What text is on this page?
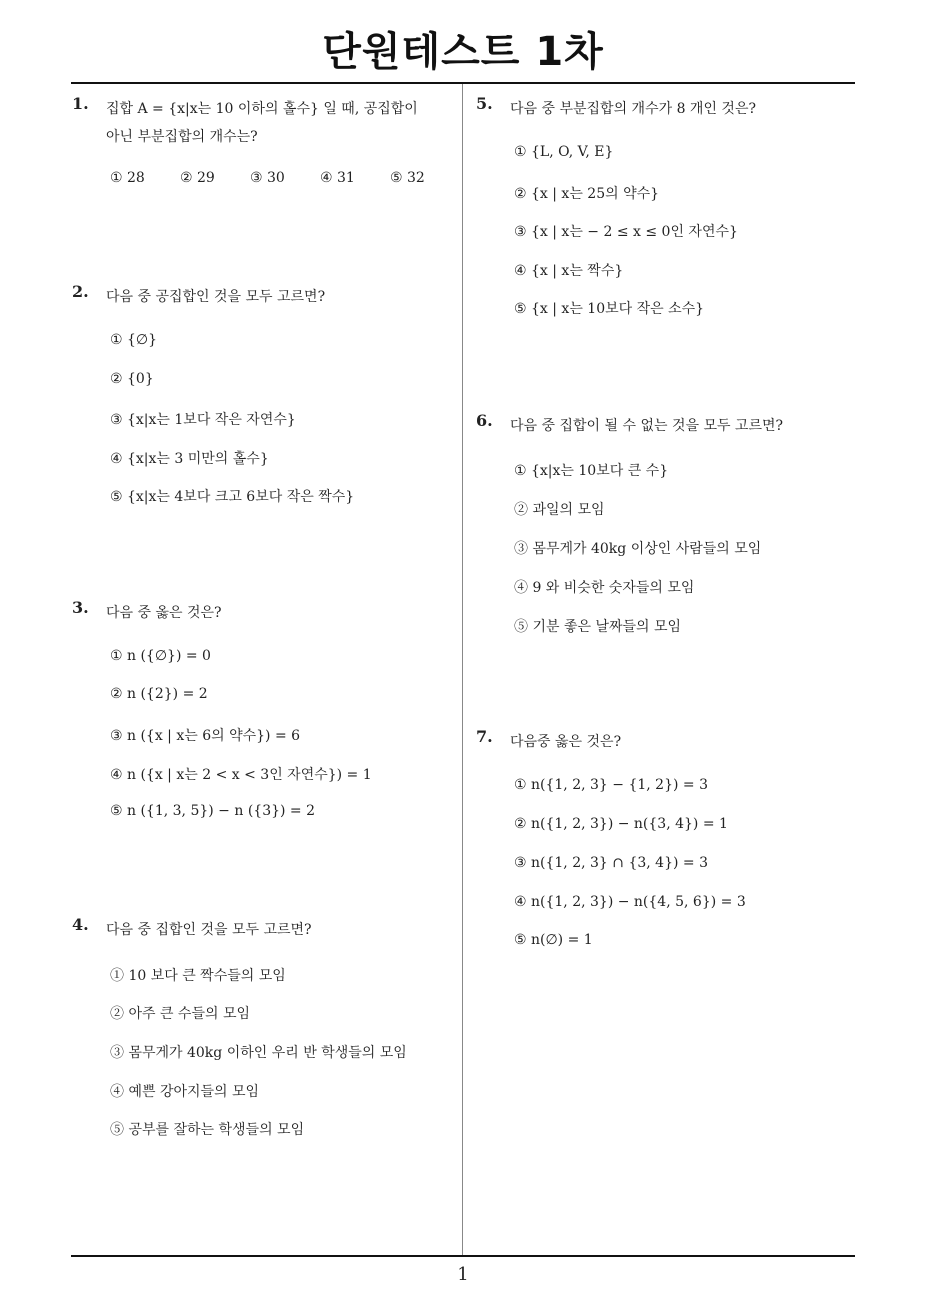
단원테스트 1차
1
1. 집합 A = {x|x는 10 이하의 홀수} 일 때, 공집합이
아닌 부분집합의 개수는?
① 28	② 29	③ 30	④ 31	⑤ 32
2. 다음 중 공집합인 것을 모두 고르면?
① {∅}
② {0}
③ {x|x는 1보다 작은 자연수}
④ {x|x는 3 미만의 홀수}
⑤ {x|x는 4보다 크고 6보다 작은 짝수}
3. 다음 중 옳은 것은?
① n ({∅}) = 0
② n ({2}) = 2
③ n ({x | x는 6의 약수}) = 6
④ n ({x | x는 2 < x < 3인 자연수}) = 1
⑤ n ({1, 3, 5}) − n ({3}) = 2
4. 다음 중 집합인 것을 모두 고르면?
① 10 보다 큰 짝수들의 모임
② 아주 큰 수들의 모임
③ 몸무게가 40kg 이하인 우리 반 학생들의 모임
④ 예쁜 강아지들의 모임
⑤ 공부를 잘하는 학생들의 모임
5. 다음 중 부분집합의 개수가 8 개인 것은?
① {L, O, V, E}
② {x | x는 25의 약수}
③ {x | x는 − 2 ≤ x ≤ 0인 자연수}
④ {x | x는 짝수}
⑤ {x | x는 10보다 작은 소수}
6. 다음 중 집합이 될 수 없는 것을 모두 고르면?
① {x|x는 10보다 큰 수}
② 과일의 모임
③ 몸무게가 40kg 이상인 사람들의 모임
④ 9 와 비슷한 숫자들의 모임
⑤ 기분 좋은 날짜들의 모임
7. 다음중 옳은 것은?
① n({1, 2, 3} − {1, 2}) = 3
② n({1, 2, 3}) − n({3, 4}) = 1
③ n({1, 2, 3} ∩ {3, 4}) = 3
④ n({1, 2, 3}) − n({4, 5, 6}) = 3
⑤ n(∅) = 1
